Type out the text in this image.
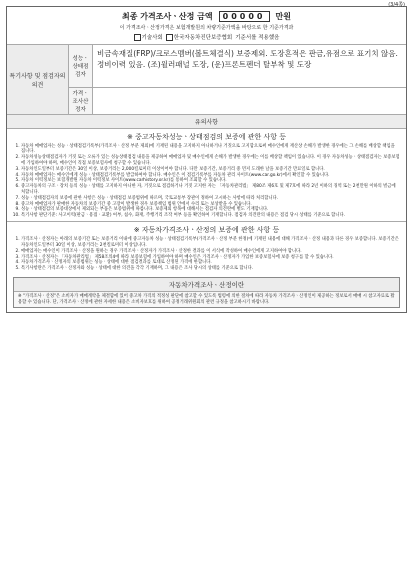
(3/4쪽)
최종 가격조사ㆍ산정 금액 0 0 0 0 0 만원
이 가격조사ㆍ산정가격은 보험개발원의 차량기준가액을 바탕으로 한 기준가격과
기술사회	한국자동차진단보증협회 기준서를 적용했음
특기사항 및 점검자의 의견
성능ㆍ상태점검자
비금속재질(FRP)/크로스멤버(볼트체결식) 보증제외. 도장흔적은 판금,유점으로 표기치 않음. 정비이력 있음. (조)윌러패널 도장, (운)프론트펜더 탈부착 및 도장
가격ㆍ조사산정자
유의사항
※ 중고자동차성능ㆍ상태점검의 보증에 관한 사항 등
1. 자동차 매매업자는 성능ㆍ상태점검기록부(가격조사ㆍ산정 부분 제외)에 기재된 내용을 고지하지 아니하거나 거짓으로 고지함으로써 매수인에게 재산상 손해가 발생한 경우에는 그 손해를 배상할 책임을 집니다.
2. 자동차성능상태점검자가 거짓 또는 오류가 있는 성능상태점검 내용을 제공하여 매매업자 및 매수인에게 손해가 발생한 경우에는 이를 배상할 책임이 있습니다. 이 경우 자동차성능ㆍ상태점검자는 보증보험에 가입하여야 하며, 매수인이 직접 보증보험사에 청구할 수 있습니다.
3. 자동차인도일부터 보증기간은 30일 이상, 보증거리는 2,000킬로미터 이상이어야 합니다. 다만 보증기간, 보증거리 중 먼저 도래한 날을 보증기간 만료일로 합니다.
4. 자동차 매매업자는 매수인에게 성능ㆍ상태점검기록부를 발급하여야 합니다. 매수인은 이 점검기록부를 자동차 관리 사이트(www.car.go.kr)에서 확인할 수 있습니다.
5. 자동차 이력정보는 보험개발원 자동차 이력정보 사이트(www.carhistory.or.kr)를 통하여 조회할 수 있습니다.
6. 중고자동차의 구조ㆍ장치 등의 성능ㆍ상태를 고지하지 아니한 자, 거짓으로 점검하거나 거짓 고지한 자는 「자동차관리법」 제80조 제6호 및 제7호에 따라 2년 이하의 징역 또는 2천만원 이하의 벌금에 처합니다.
7. 성능ㆍ상태점검자의 보증에 관한 사항은 성능ㆍ상태점검 보증범위에 따르며, 국토교통부 장관이 정하여 고시하는 사항에 따라 처리합니다.
8. 중고차 매매업자가 판매한 자동차의 보증기간 중 고장이 발생한 경우 보증책임 범위 안에서 수리 또는 보상받을 수 있습니다.
9. 성능ㆍ상태점검의 보증대상에서 제외되는 부품은 보증범위에 따릅니다. 보증제외 항목에 대해서는 점검자 의견란에 별도 기재합니다.
10. 특기사항 판단기준: 사고이력(판금ㆍ용접ㆍ교환) 여부, 침수, 화재, 주행거리 조작 여부 등을 확인하여 기재합니다. 점검자 의견란의 내용은 점검 당시 상태를 기준으로 합니다.
※ 자동차가격조사ㆍ산정의 보증에 관한 사항 등
1. 가격조사ㆍ산정자는 아래의 보증기간 또는 보증거리 이내에 중고자동차 성능ㆍ상태점검기록부(가격조사ㆍ산정 부분 한정)에 기재된 내용에 대해 가격조사ㆍ산정 내용과 다른 경우 보증합니다. 보증기간은 자동차인도일부터 30일 이상, 보증거리는 2천킬로미터 이상입니다.
2. 매매업자는 매수인이 가격조사ㆍ산정을 원하는 경우 가격조사ㆍ산정자가 가격조사ㆍ산정한 결과를 이 서식에 작성하여 매수인에게 고지하여야 합니다.
3. 가격조사ㆍ산정자는 「자동차관리법」 제58조의4에 따라 보증보험에 가입하여야 하며 매수인은 가격조사ㆍ산정자가 가입한 보증보험사에 보증 청구를 할 수 있습니다.
4. 자동차가격조사ㆍ산정자의 보증범위는 성능ㆍ상태에 대한 점검결과를 토대로 산정된 가격에 한합니다.
5. 특기사항란은 가격조사ㆍ산정자와 성능ㆍ상태에 대한 의견을 각각 기재하며, 그 내용은 조사 당시의 상태를 기준으로 합니다.
자동차가격조사ㆍ산정이란
※ "가격조사ㆍ산정"은 소비자가 매매계약을 체결함에 있어 중고차 가격의 적정성 판단에 참고할 수 있도록 법령에 의한 절차에 따라 자동차 가격조사ㆍ산정인이 제공하는 정보로서 매매 시 참고자료로 활용할 수 있습니다. 단, 가격조사ㆍ산정에 관한 자세한 내용은 소비자보호를 위하여 공정거래위원회의 관련 규정을 참고하시기 바랍니다.
